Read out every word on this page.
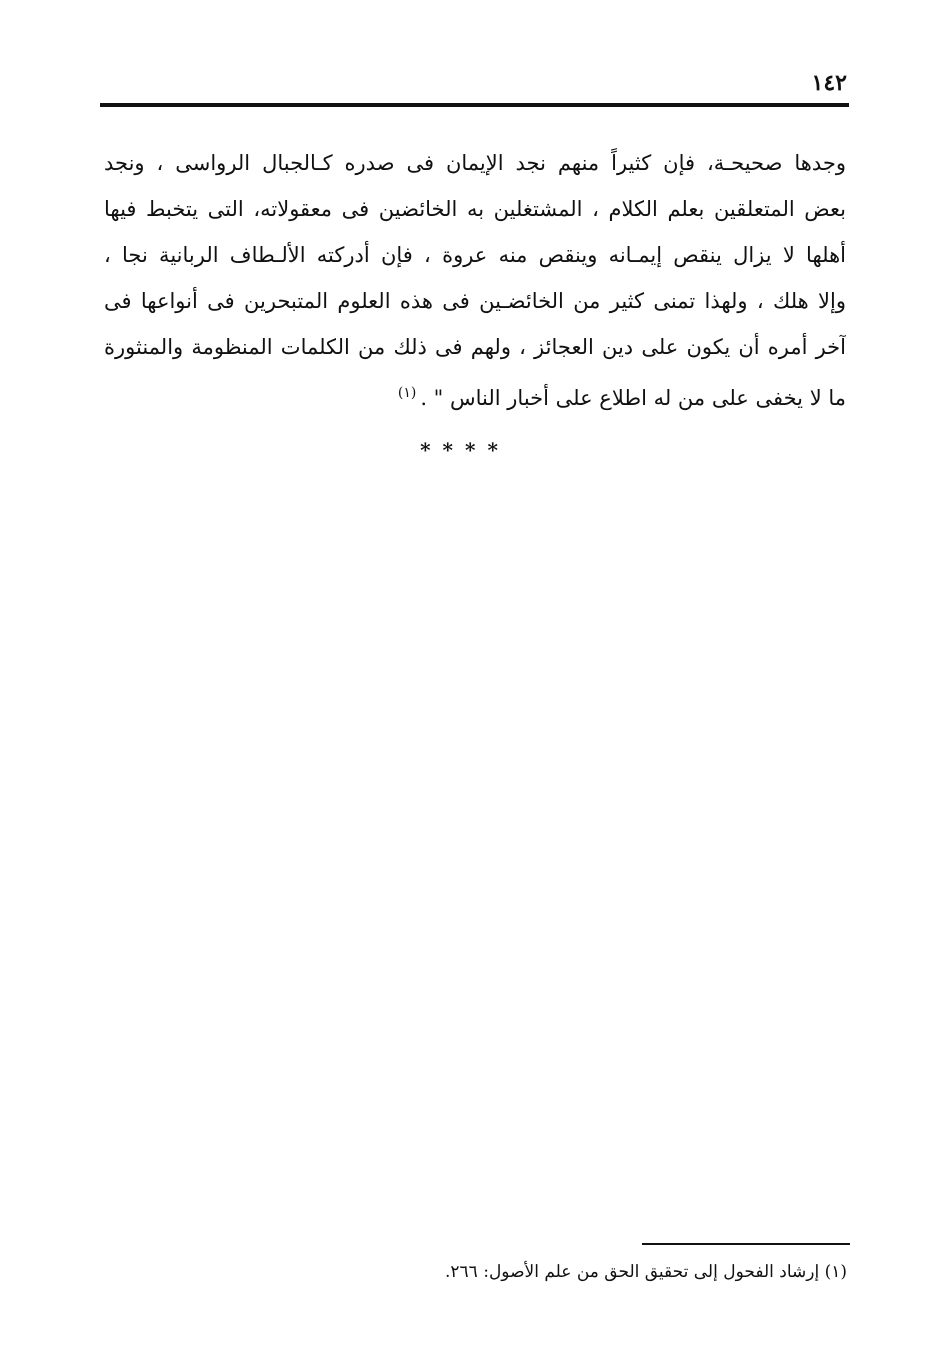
١٤٢
وجدها صحيحـة، فإن كثيراً منهم نجد الإيمان فى صدره كـالجبال الرواسى ، ونجد
بعض المتعلقين بعلم الكلام ، المشتغلين به الخائضين فى معقولاته، التى يتخبط فيها
أهلها لا يزال ينقص إيمـانه وينقص منه عروة ، فإن أدركته الألـطاف الربانية نجا ،
وإلا هلك ، ولهذا تمنى كثير من الخائضـين فى هذه العلوم المتبحرين فى أنواعها فى
آخر أمره أن يكون على دين العجائز ، ولهم فى ذلك من الكلمات المنظومة والمنثورة
ما لا يخفى على من له اطلاع على أخبار الناس " .$^{(١)}$
****
(١) إرشاد الفحول إلى تحقيق الحق من علم الأصول: ٢٦٦.
